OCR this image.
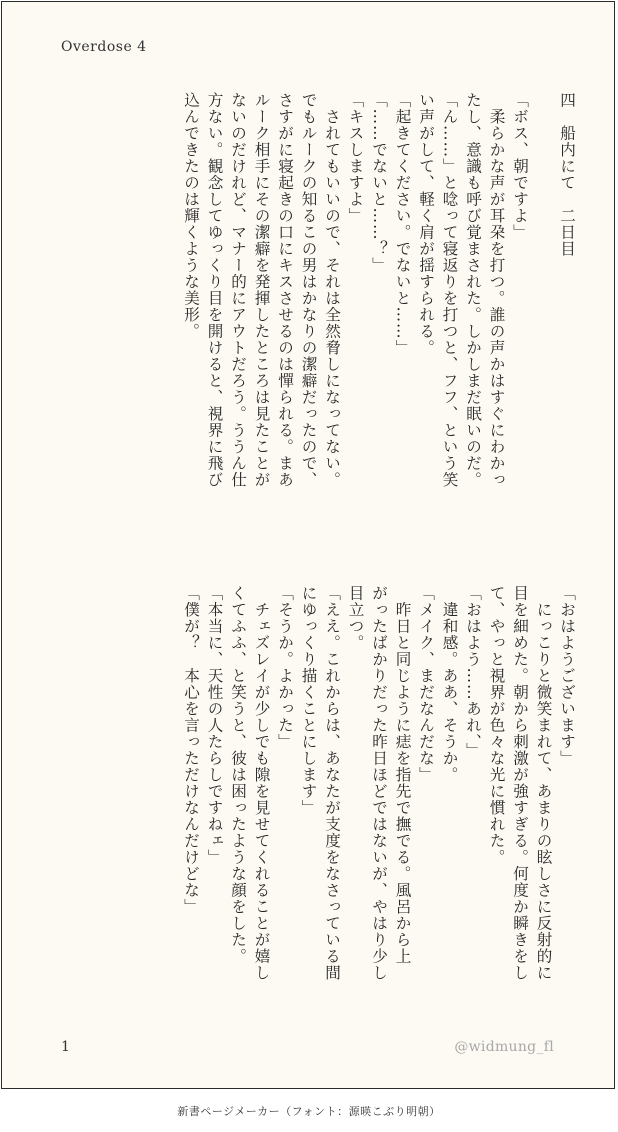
Overdose 4
四　船内にて　二日目
「ボス、朝ですよ」
　柔らかな声が耳朶を打つ。誰の声かはすぐにわかっ
たし、意識も呼び覚まされた。しかしまだ眠いのだ。
「ん……」と唸って寝返りを打つと、フフ、という笑
い声がして、軽く肩が揺すられる。
「起きてください。でないと……」
「……でないと……？」
「キスしますよ」
　されてもいいので、それは全然脅しになってない。
でもルークの知るこの男はかなりの潔癖だったので、
さすがに寝起きの口にキスさせるのは憚られる。まあ
ルーク相手にその潔癖を発揮したところは見たことが
ないのだけれど、マナー的にアウトだろう。ううん仕
方ない。観念してゆっくり目を開けると、視界に飛び
込んできたのは輝くような美形。
「おはようございます」
　にっこりと微笑まれて、あまりの眩しさに反射的に
目を細めた。朝から刺激が強すぎる。何度か瞬きをし
て、やっと視界が色々な光に慣れた。
「おはよう……あれ、」
　違和感。ああ、そうか。
「メイク、まだなんだな」
　昨日と同じように痣を指先で撫でる。風呂から上
がったばかりだった昨日ほどではないが、やはり少し
目立つ。
「ええ。これからは、あなたが支度をなさっている間
にゆっくり描くことにします」
「そうか。よかった」
　チェズレイが少しでも隙を見せてくれることが嬉し
くてふふ、と笑うと、彼は困ったような顔をした。
「本当に、天性の人たらしですねェ」
「僕が？　本心を言っただけなんだけどな」
1	@widmung_fl
新書ページメーカー（フォント：源暎こぶり明朝）
